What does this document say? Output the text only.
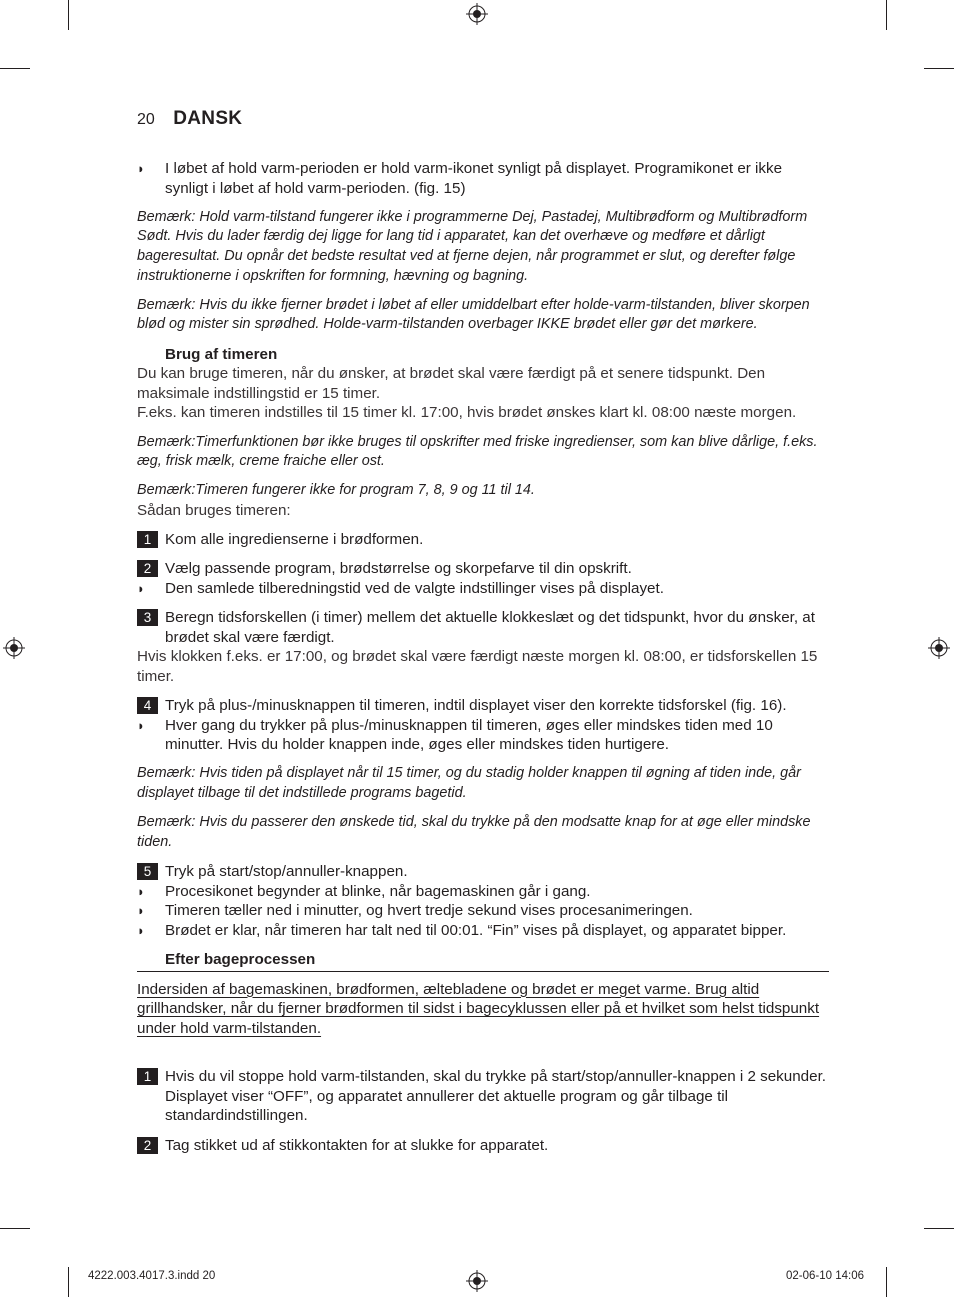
20 DANSK
◗ I løbet af hold varm-perioden er hold varm-ikonet synligt på displayet. Programikonet er ikke synligt i løbet af hold varm-perioden. (fig. 15)
Bemærk: Hold varm-tilstand fungerer ikke i programmerne Dej, Pastadej, Multibrødform og Multibrødform Sødt. Hvis du lader færdig dej ligge for lang tid i apparatet, kan det overhæve og medføre et dårligt bageresultat. Du opnår det bedste resultat ved at fjerne dejen, når programmet er slut, og derefter følge instruktionerne i opskriften for formning, hævning og bagning.
Bemærk: Hvis du ikke fjerner brødet i løbet af eller umiddelbart efter holde-varm-tilstanden, bliver skorpen blød og mister sin sprødhed. Holde-varm-tilstanden overbager IKKE brødet eller gør det mørkere.
Brug af timeren
Du kan bruge timeren, når du ønsker, at brødet skal være færdigt på et senere tidspunkt. Den maksimale indstillingstid er 15 timer.
F.eks. kan timeren indstilles til 15 timer kl. 17:00, hvis brødet ønskes klart kl. 08:00 næste morgen.
Bemærk:Timerfunktionen bør ikke bruges til opskrifter med friske ingredienser, som kan blive dårlige, f.eks. æg, frisk mælk, creme fraiche eller ost.
Bemærk:Timeren fungerer ikke for program 7, 8, 9 og 11 til 14.
Sådan bruges timeren:
1 Kom alle ingredienserne i brødformen.
2 Vælg passende program, brødstørrelse og skorpefarve til din opskrift.
◗ Den samlede tilberedningstid ved de valgte indstillinger vises på displayet.
3 Beregn tidsforskellen (i timer) mellem det aktuelle klokkeslæt og det tidspunkt, hvor du ønsker, at brødet skal være færdigt.
Hvis klokken f.eks. er 17:00, og brødet skal være færdigt næste morgen kl. 08:00, er tidsforskellen 15 timer.
4 Tryk på plus-/minusknappen til timeren, indtil displayet viser den korrekte tidsforskel (fig. 16).
◗ Hver gang du trykker på plus-/minusknappen til timeren, øges eller mindskes tiden med 10 minutter. Hvis du holder knappen inde, øges eller mindskes tiden hurtigere.
Bemærk: Hvis tiden på displayet når til 15 timer, og du stadig holder knappen til øgning af tiden inde, går displayet tilbage til det indstillede programs bagetid.
Bemærk: Hvis du passerer den ønskede tid, skal du trykke på den modsatte knap for at øge eller mindske tiden.
5 Tryk på start/stop/annuller-knappen.
◗ Procesikonet begynder at blinke, når bagemaskinen går i gang.
◗ Timeren tæller ned i minutter, og hvert tredje sekund vises procesanimeringen.
◗ Brødet er klar, når timeren har talt ned til 00:01. “Fin” vises på displayet, og apparatet bipper.
Efter bageprocessen
Indersiden af bagemaskinen, brødformen, æltebladene og brødet er meget varme. Brug altid grillhandsker, når du fjerner brødformen til sidst i bagecyklussen eller på et hvilket som helst tidspunkt under hold varm-tilstanden.
1 Hvis du vil stoppe hold varm-tilstanden, skal du trykke på start/stop/annuller-knappen i 2 sekunder. Displayet viser “OFF”, og apparatet annullerer det aktuelle program og går tilbage til standardindstillingen.
2 Tag stikket ud af stikkontakten for at slukke for apparatet.
4222.003.4017.3.indd 20	02-06-10 14:06
